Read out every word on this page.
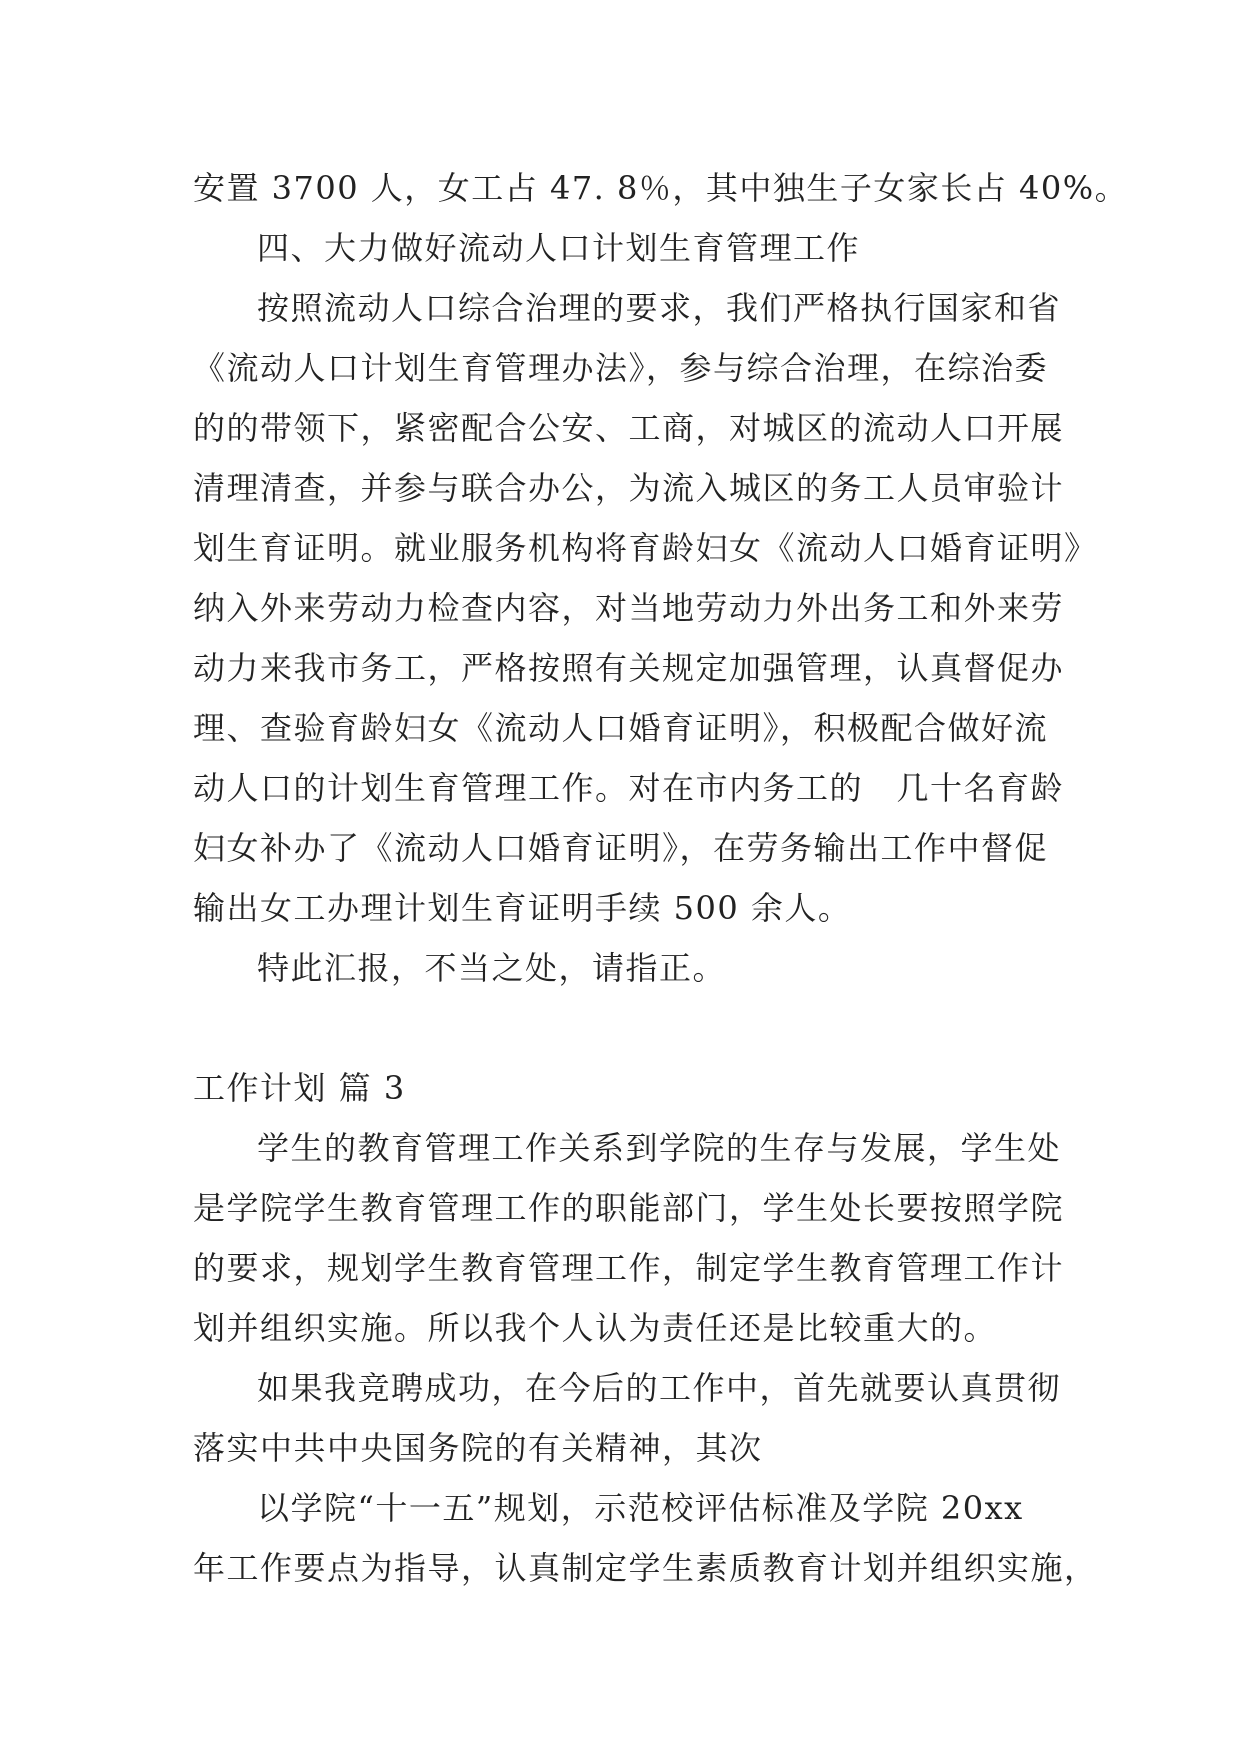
安置 3700 人，女工占 47. 8％，其中独生子女家长占 40%。
四、大力做好流动人口计划生育管理工作
按照流动人口综合治理的要求，我们严格执行国家和省
《流动人口计划生育管理办法》，参与综合治理，在综治委
的的带领下，紧密配合公安、工商，对城区的流动人口开展
清理清查，并参与联合办公，为流入城区的务工人员审验计
划生育证明。就业服务机构将育龄妇女《流动人口婚育证明》
纳入外来劳动力检查内容，对当地劳动力外出务工和外来劳
动力来我市务工，严格按照有关规定加强管理，认真督促办
理、查验育龄妇女《流动人口婚育证明》，积极配合做好流
动人口的计划生育管理工作。对在市内务工的　几十名育龄
妇女补办了《流动人口婚育证明》，在劳务输出工作中督促
输出女工办理计划生育证明手续 500 余人。
特此汇报，不当之处，请指正。
工作计划 篇 3
学生的教育管理工作关系到学院的生存与发展，学生处
是学院学生教育管理工作的职能部门，学生处长要按照学院
的要求，规划学生教育管理工作，制定学生教育管理工作计
划并组织实施。所以我个人认为责任还是比较重大的。
如果我竞聘成功，在今后的工作中，首先就要认真贯彻
落实中共中央国务院的有关精神，其次
以学院“十一五”规划，示范校评估标准及学院 20xx
年工作要点为指导，认真制定学生素质教育计划并组织实施，
